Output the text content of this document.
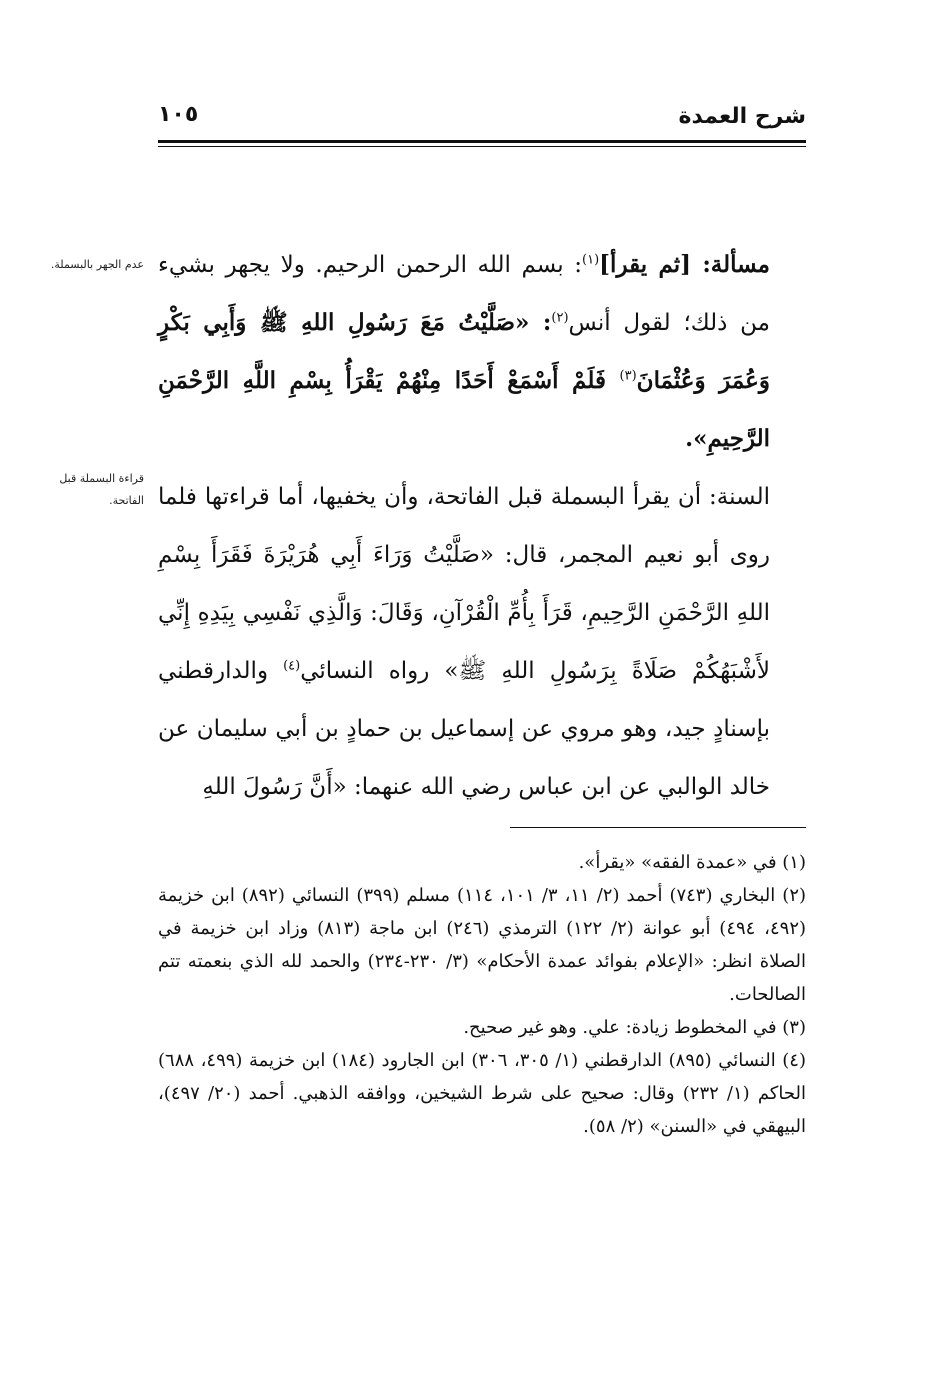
شرح العمدة
١٠٥
عدم الجهر بالبسملة.
قراءة البسملة قبل الفاتحة.

مسألة: [ثم يقرأ]$^{(١)}$: بسم الله الرحمن الرحيم. ولا يجهر بشيء من ذلك؛ لقول أنس$^{(٢)}$: «صَلَّيْتُ مَعَ رَسُولِ اللهِ ﷺ وَأَبِي بَكْرٍ وَعُمَرَ وَعُثْمَانَ$^{(٣)}$ فَلَمْ أَسْمَعْ أَحَدًا مِنْهُمْ يَقْرَأُ بِسْمِ اللَّهِ الرَّحْمَنِ الرَّحِيمِ».

السنة: أن يقرأ البسملة قبل الفاتحة، وأن يخفيها، أما قراءتها فلما روى أبو نعيم المجمر، قال: «صَلَّيْتُ وَرَاءَ أَبِي هُرَيْرَةَ فَقَرَأَ بِسْمِ اللهِ الرَّحْمَنِ الرَّحِيمِ، قَرَأَ بِأُمِّ الْقُرْآنِ، وَقَالَ: وَالَّذِي نَفْسِي بِيَدِهِ إِنِّي لأَشْبَهُكُمْ صَلَاةً بِرَسُولِ اللهِ ﷺ» رواه النسائي$^{(٤)}$ والدارقطني بإسنادٍ جيد، وهو مروي عن إسماعيل بن حمادٍ بن أبي سليمان عن خالد الوالبي عن ابن عباس رضي الله عنهما: «أَنَّ رَسُولَ اللهِ

(١) في «عمدة الفقه» «يقرأ».

(٢) البخاري (٧٤٣) أحمد (٢/ ١١، ٣/ ١٠١، ١١٤) مسلم (٣٩٩) النسائي (٨٩٢) ابن خزيمة (٤٩٢، ٤٩٤) أبو عوانة (٢/ ١٢٢) الترمذي (٢٤٦) ابن ماجة (٨١٣) وزاد ابن خزيمة في الصلاة انظر: «الإعلام بفوائد عمدة الأحكام» (٣/ ٢٣٠-٢٣٤) والحمد لله الذي بنعمته تتم الصالحات.

(٣) في المخطوط زيادة: علي. وهو غير صحيح.

(٤) النسائي (٨٩٥) الدارقطني (١/ ٣٠٥، ٣٠٦) ابن الجارود (١٨٤) ابن خزيمة (٤٩٩، ٦٨٨) الحاكم (١/ ٢٣٢) وقال: صحيح على شرط الشيخين، ووافقه الذهبي. أحمد (٢٠/ ٤٩٧)، البيهقي في «السنن» (٢/ ٥٨).
